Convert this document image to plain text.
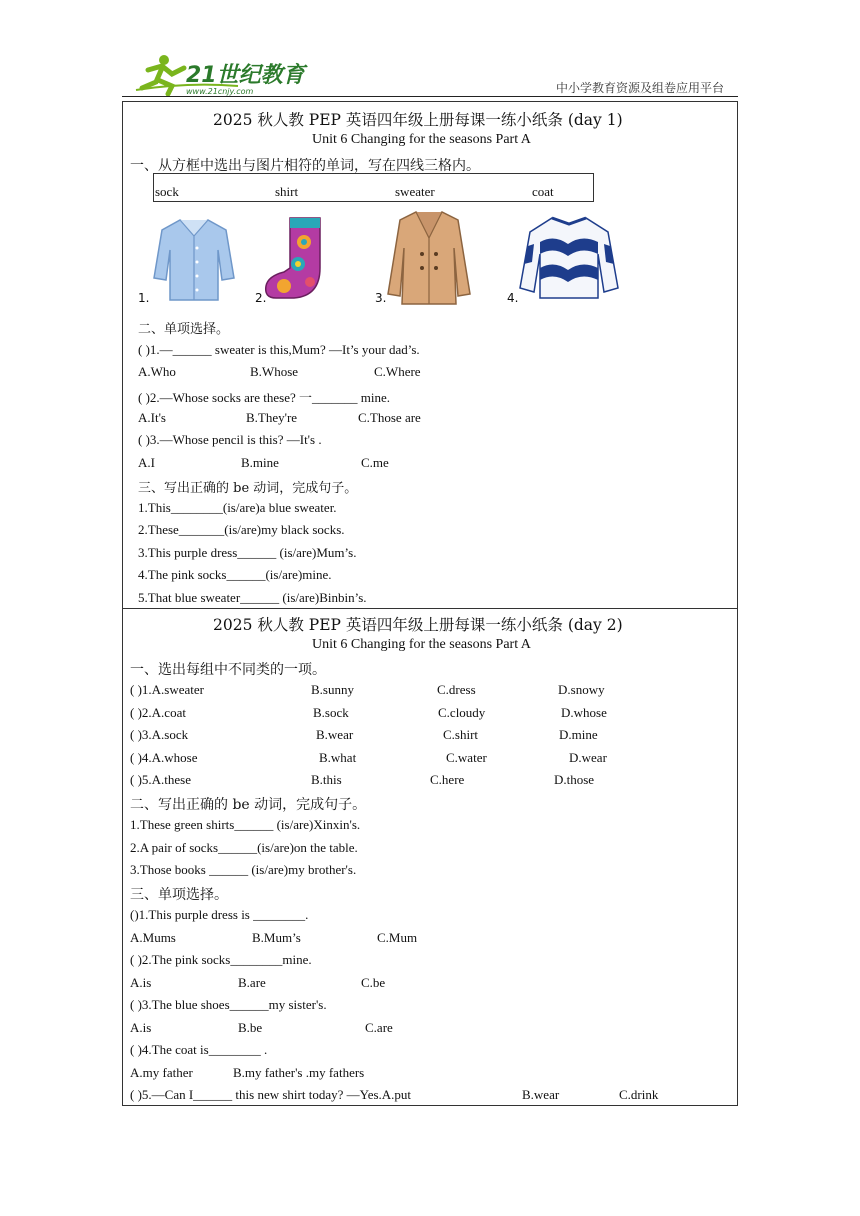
21世纪教育
www.21cnjy.com	中小学教育资源及组卷应用平台
2025 秋人教 PEP 英语四年级上册每课一练小纸条 (day 1)
Unit 6 Changing for the seasons Part A
一、从方框中选出与图片相符的单词，写在四线三格内。
sock	shirt	sweater	coat
1.	2.	3.	4.
二、单项选择。
( )1.—______ sweater is this,Mum? —It’s your dad’s.
A.Who	B.Whose	C.Where
( )2.—Whose socks are these? 一_______ mine.
A.It's	B.They're	C.Those are
( )3.—Whose pencil is this? —It's .
A.I	B.mine	C.me
三、写出正确的 be 动词，完成句子。
1.This________(is/are)a blue sweater.
2.These_______(is/are)my black socks.
3.This purple dress______ (is/are)Mum’s.
4.The pink socks______(is/are)mine.
5.That blue sweater______ (is/are)Binbin’s.
2025 秋人教 PEP 英语四年级上册每课一练小纸条 (day 2)
Unit 6 Changing for the seasons Part A
一、选出每组中不同类的一项。
( )1.A.sweater	B.sunny	C.dress	D.snowy
( )2.A.coat	B.sock	C.cloudy	D.whose
( )3.A.sock	B.wear	C.shirt	D.mine
( )4.A.whose	B.what	C.water	D.wear
( )5.A.these	B.this	C.here	D.those
二、写出正确的 be 动词，完成句子。
1.These green shirts______ (is/are)Xinxin's.
2.A pair of socks______(is/are)on the table.
3.Those books ______ (is/are)my brother's.
三、单项选择。
()1.This purple dress is ________.
A.Mums	B.Mum’s	C.Mum
( )2.The pink socks________mine.
A.is	B.are	C.be
( )3.The blue shoes______my sister's.
A.is	B.be	C.are
( )4.The coat is________ .
A.my father	B.my father's .my fathers
( )5.—Can I______ this new shirt today? —Yes.A.put	B.wear	C.drink
